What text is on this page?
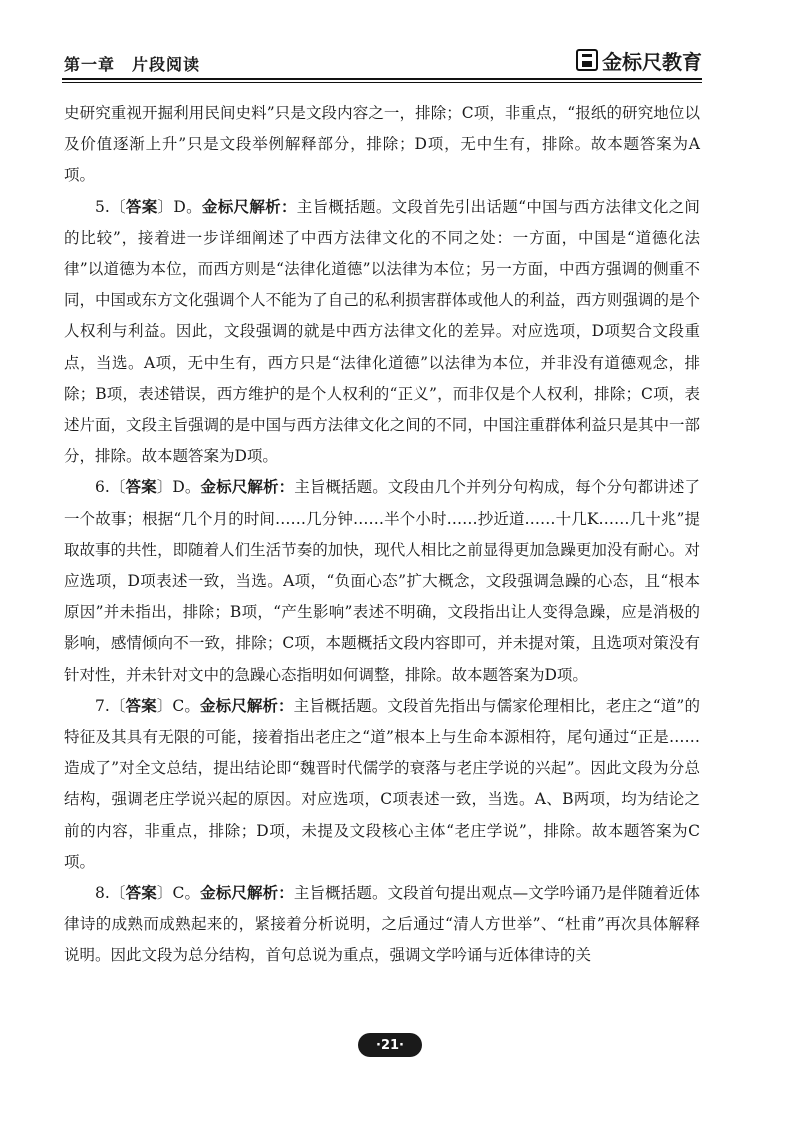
第一章　片段阅读	金标尺教育

史研究重视开掘利用民间史料”只是文段内容之一，排除；C项，非重点，“报纸的研究地位以及价值逐渐上升”只是文段举例解释部分，排除；D项，无中生有，排除。故本题答案为A项。

5.〔答案〕D。金标尺解析：主旨概括题。文段首先引出话题“中国与西方法律文化之间的比较”，接着进一步详细阐述了中西方法律文化的不同之处：一方面，中国是“道德化法律”以道德为本位，而西方则是“法律化道德”以法律为本位；另一方面，中西方强调的侧重不同，中国或东方文化强调个人不能为了自己的私利损害群体或他人的利益，西方则强调的是个人权利与利益。因此，文段强调的就是中西方法律文化的差异。对应选项，D项契合文段重点，当选。A项，无中生有，西方只是“法律化道德”以法律为本位，并非没有道德观念，排除；B项，表述错误，西方维护的是个人权利的“正义”，而非仅是个人权利，排除；C项，表述片面，文段主旨强调的是中国与西方法律文化之间的不同，中国注重群体利益只是其中一部分，排除。故本题答案为D项。

6.〔答案〕D。金标尺解析：主旨概括题。文段由几个并列分句构成，每个分句都讲述了一个故事；根据“几个月的时间……几分钟……半个小时……抄近道……十几K……几十兆”提取故事的共性，即随着人们生活节奏的加快，现代人相比之前显得更加急躁更加没有耐心。对应选项，D项表述一致，当选。A项，“负面心态”扩大概念，文段强调急躁的心态，且“根本原因”并未指出，排除；B项，“产生影响”表述不明确，文段指出让人变得急躁，应是消极的影响，感情倾向不一致，排除；C项，本题概括文段内容即可，并未提对策，且选项对策没有针对性，并未针对文中的急躁心态指明如何调整，排除。故本题答案为D项。

7.〔答案〕C。金标尺解析：主旨概括题。文段首先指出与儒家伦理相比，老庄之“道”的特征及其具有无限的可能，接着指出老庄之“道”根本上与生命本源相符，尾句通过“正是……造成了”对全文总结，提出结论即“魏晋时代儒学的衰落与老庄学说的兴起”。因此文段为分总结构，强调老庄学说兴起的原因。对应选项，C项表述一致，当选。A、B两项，均为结论之前的内容，非重点，排除；D项，未提及文段核心主体“老庄学说”，排除。故本题答案为C项。

8.〔答案〕C。金标尺解析：主旨概括题。文段首句提出观点—文学吟诵乃是伴随着近体律诗的成熟而成熟起来的，紧接着分析说明，之后通过“清人方世举”、“杜甫”再次具体解释说明。因此文段为总分结构，首句总说为重点，强调文学吟诵与近体律诗的关

·21·
